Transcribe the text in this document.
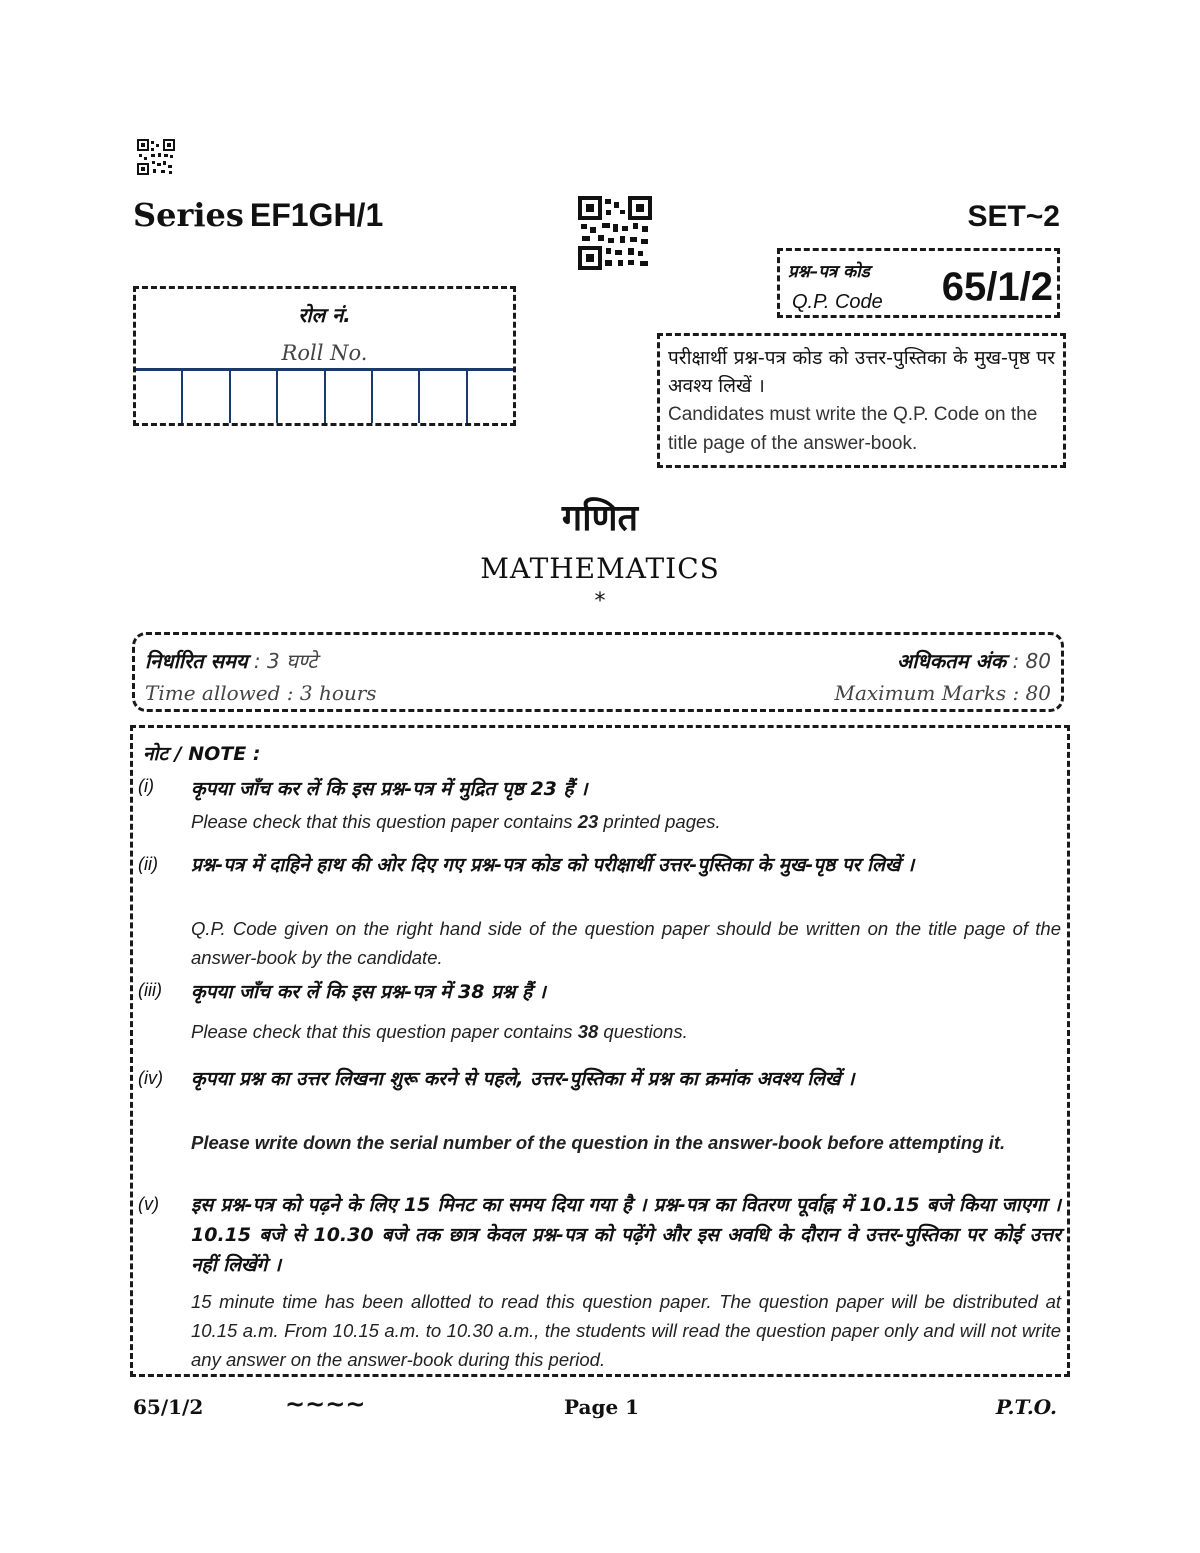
Series EF1GH/1	SET~2
रोल नं.
Roll No.
प्रश्न–पत्र कोड
Q.P. Code 65/1/2
परीक्षार्थी प्रश्न-पत्र कोड को उत्तर-पुस्तिका के मुख-पृष्ठ पर अवश्य लिखें ।
Candidates must write the Q.P. Code on the title page of the answer-book.
गणित
MATHEMATICS
*
निर्धारित समय : 3 घण्टे	अधिकतम अंक : 80
Time allowed : 3 hours	Maximum Marks : 80
नोट / NOTE :
(i) कृपया जाँच कर लें कि इस प्रश्न-पत्र में मुद्रित पृष्ठ 23 हैं ।
Please check that this question paper contains 23 printed pages.
(ii) प्रश्न-पत्र में दाहिने हाथ की ओर दिए गए प्रश्न-पत्र कोड को परीक्षार्थी उत्तर-पुस्तिका के मुख-पृष्ठ पर लिखें ।
Q.P. Code given on the right hand side of the question paper should be written on the title page of the answer-book by the candidate.
(iii) कृपया जाँच कर लें कि इस प्रश्न-पत्र में 38 प्रश्न हैं ।
Please check that this question paper contains 38 questions.
(iv) कृपया प्रश्न का उत्तर लिखना शुरू करने से पहले, उत्तर-पुस्तिका में प्रश्न का क्रमांक अवश्य लिखें ।
Please write down the serial number of the question in the answer-book before attempting it.
(v) इस प्रश्न-पत्र को पढ़ने के लिए 15 मिनट का समय दिया गया है । प्रश्न-पत्र का वितरण पूर्वाह्न में 10.15 बजे किया जाएगा । 10.15 बजे से 10.30 बजे तक छात्र केवल प्रश्न-पत्र को पढ़ेंगे और इस अवधि के दौरान वे उत्तर-पुस्तिका पर कोई उत्तर नहीं लिखेंगे ।
15 minute time has been allotted to read this question paper. The question paper will be distributed at 10.15 a.m. From 10.15 a.m. to 10.30 a.m., the students will read the question paper only and will not write any answer on the answer-book during this period.
65/1/2	~~~~	Page 1	P.T.O.
